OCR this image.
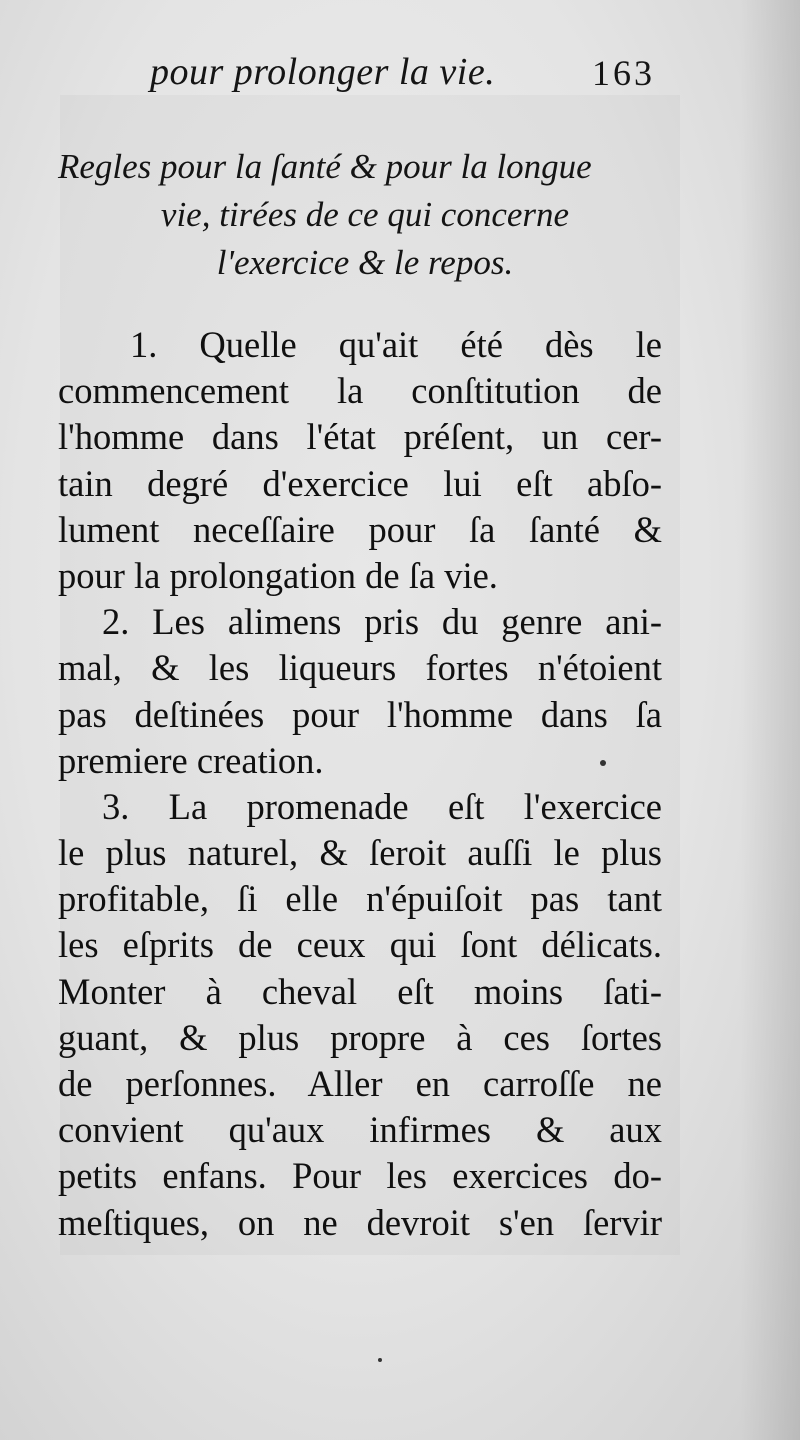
pour prolonger la vie.	163
Regles pour la ſanté & pour la longue
vie, tirées de ce qui concerne
l'exercice & le repos.
1. Quelle qu'ait été dès le
commencement la conſtitution de
l'homme dans l'état préſent, un cer-
tain degré d'exercice lui eſt abſo-
lument neceſſaire pour ſa ſanté &
pour la prolongation de ſa vie.
2. Les alimens pris du genre ani-
mal, & les liqueurs fortes n'étoient
pas deſtinées pour l'homme dans ſa
premiere creation.
3. La promenade eſt l'exercice
le plus naturel, & ſeroit auſſi le plus
profitable, ſi elle n'épuiſoit pas tant
les eſprits de ceux qui ſont délicats.
Monter à cheval eſt moins ſati-
guant, & plus propre à ces ſortes
de perſonnes. Aller en carroſſe ne
convient qu'aux infirmes & aux
petits enfans. Pour les exercices do-
meſtiques, on ne devroit s'en ſervir
